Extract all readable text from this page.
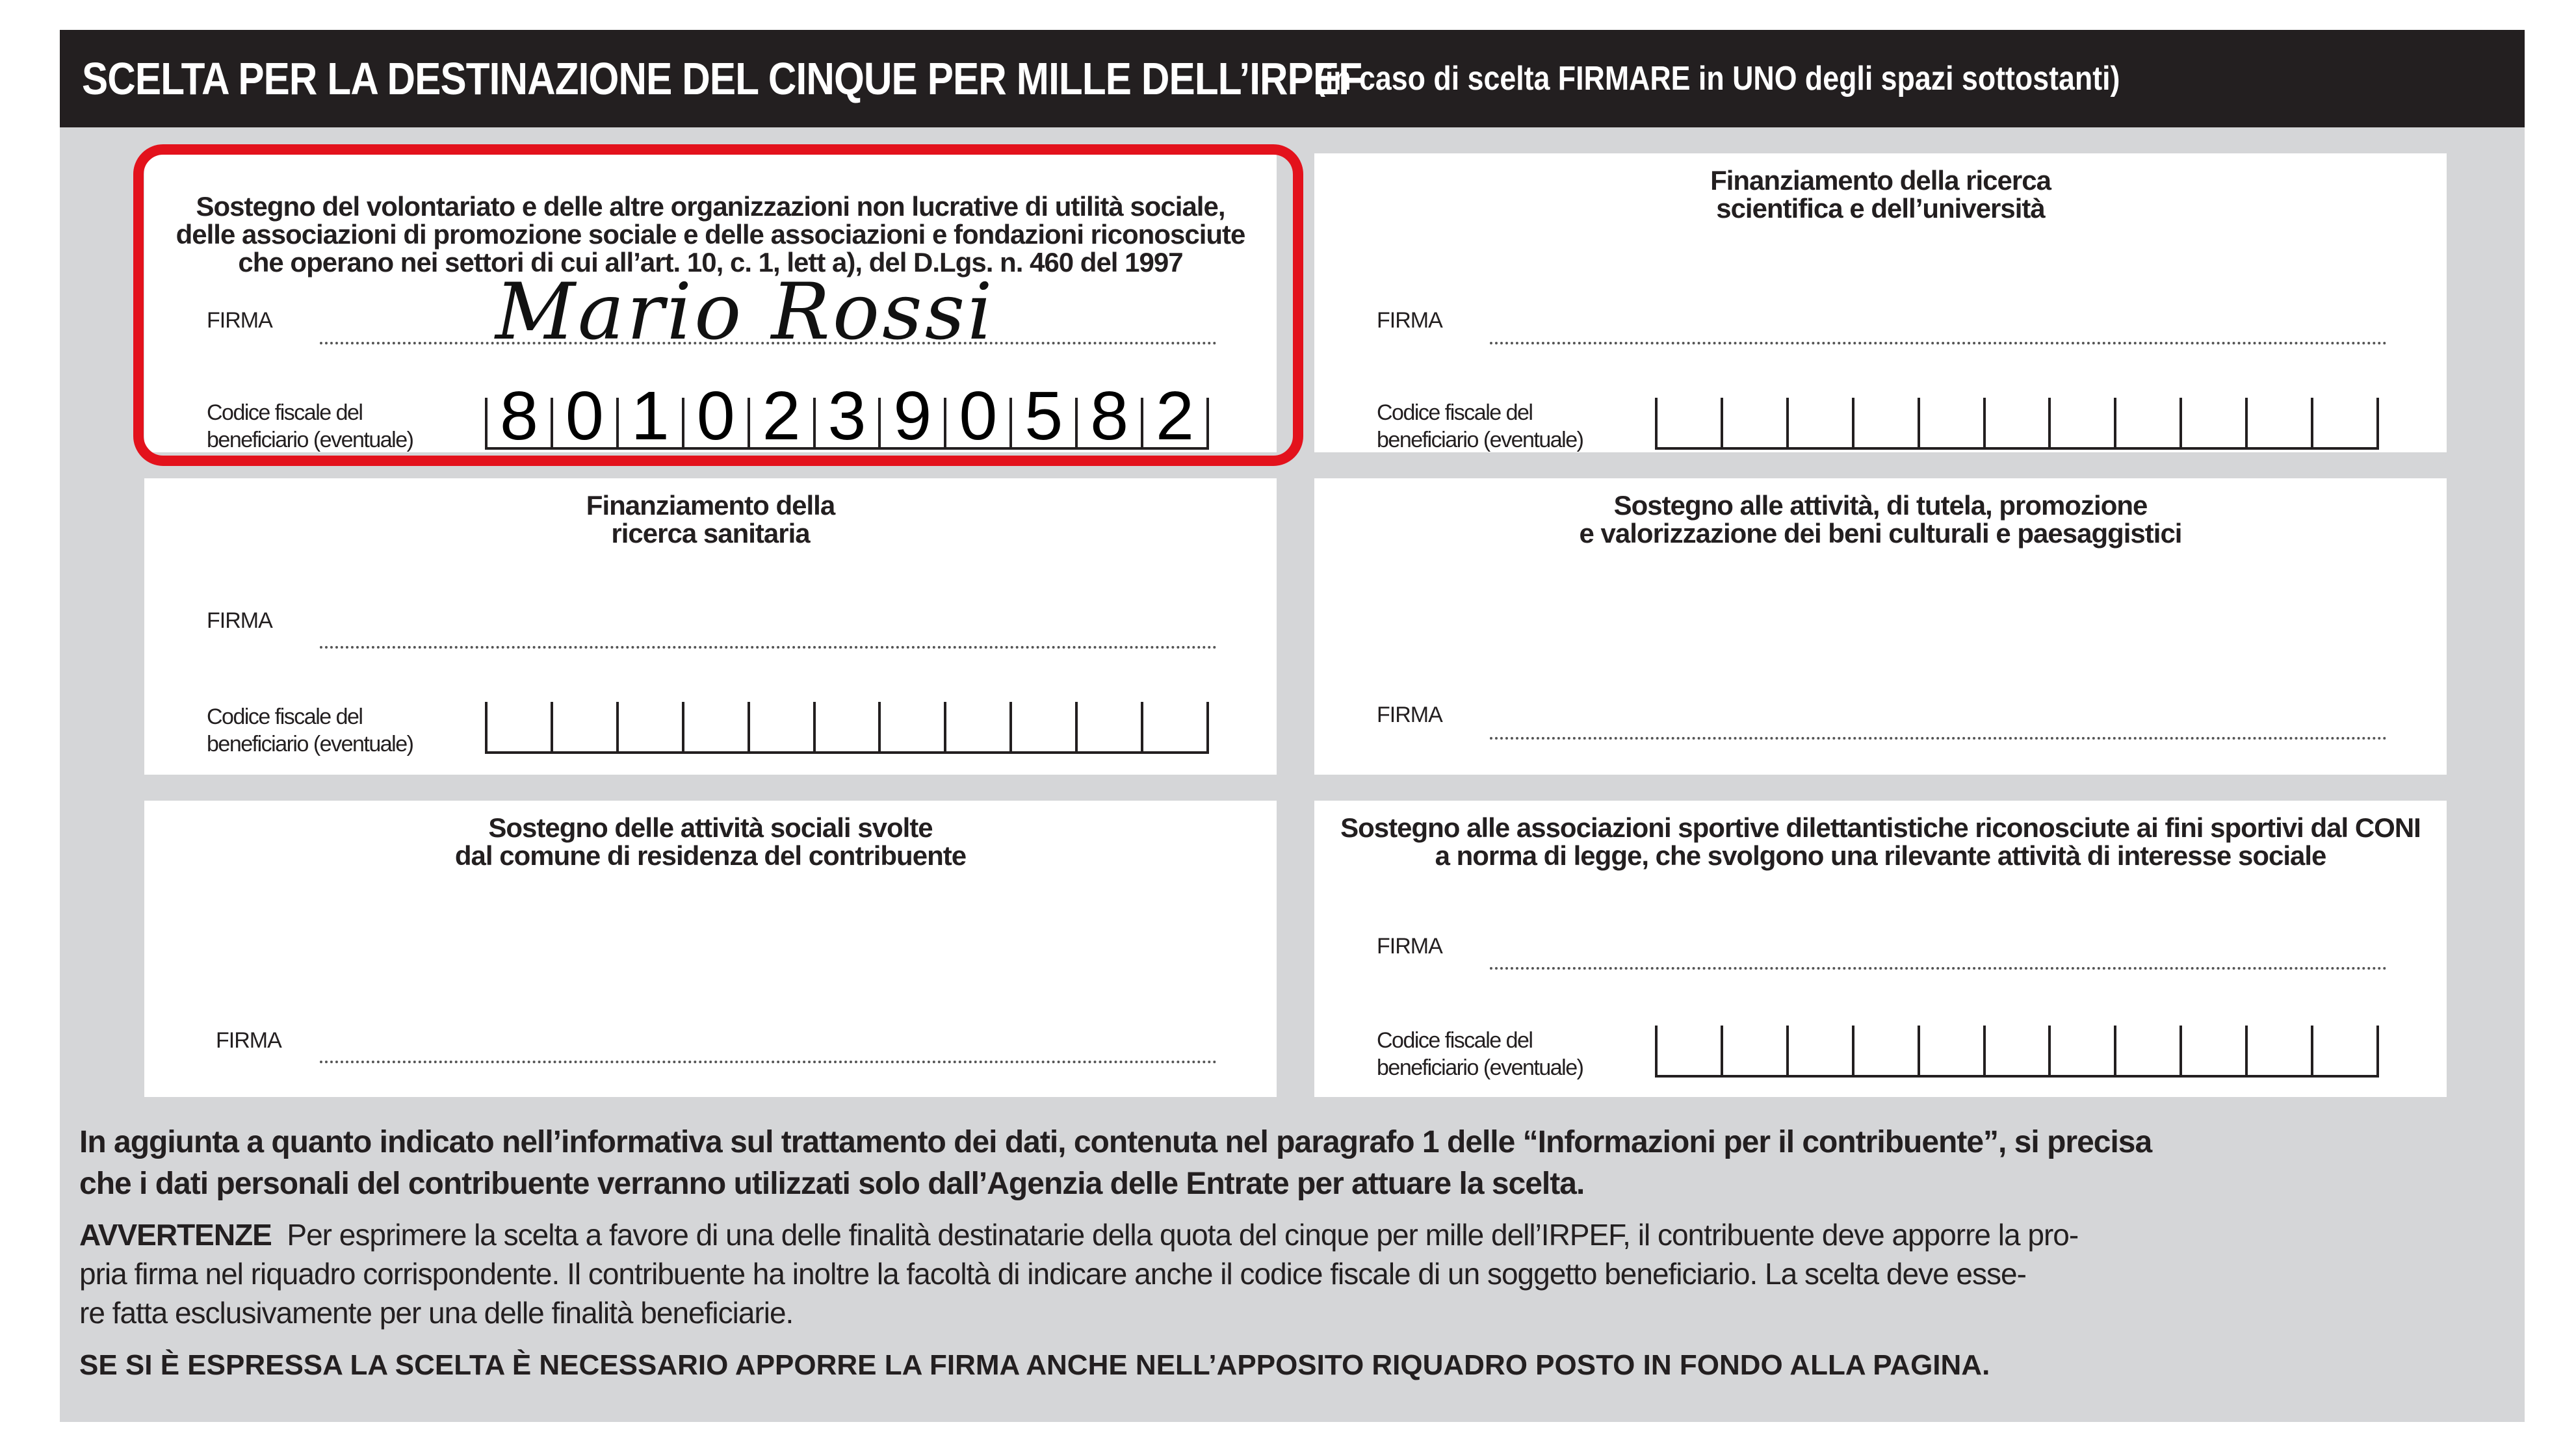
SCELTA PER LA DESTINAZIONE DEL CINQUE PER MILLE DELL’IRPEF
(in caso di scelta FIRMARE in UNO degli spazi sottostanti)
Sostegno del volontariato e delle altre organizzazioni non lucrative di utilità sociale,
delle associazioni di promozione sociale e delle associazioni e fondazioni riconosciute
che operano nei settori di cui all’art. 10, c. 1, lett a), del D.Lgs. n. 460 del 1997
FIRMA	Mario Rossi
Codice fiscale del
beneficiario (eventuale) 8 0 1 0 2 3 9 0 5 8 2
Finanziamento della ricerca
scientifica e dell’università
FIRMA
Codice fiscale del
beneficiario (eventuale)
Finanziamento della
ricerca sanitaria
FIRMA
Codice fiscale del
beneficiario (eventuale)
Sostegno alle attività, di tutela, promozione
e valorizzazione dei beni culturali e paesaggistici
FIRMA
Sostegno delle attività sociali svolte
dal comune di residenza del contribuente
FIRMA
Sostegno alle associazioni sportive dilettantistiche riconosciute ai fini sportivi dal CONI
a norma di legge, che svolgono una rilevante attività di interesse sociale
FIRMA
Codice fiscale del
beneficiario (eventuale)
In aggiunta a quanto indicato nell’informativa sul trattamento dei dati, contenuta nel paragrafo 1 delle “Informazioni per il contribuente”, si precisa
che i dati personali del contribuente verranno utilizzati solo dall’Agenzia delle Entrate per attuare la scelta.
AVVERTENZE Per esprimere la scelta a favore di una delle finalità destinatarie della quota del cinque per mille dell’IRPEF, il contribuente deve apporre la pro-
pria firma nel riquadro corrispondente. Il contribuente ha inoltre la facoltà di indicare anche il codice fiscale di un soggetto beneficiario. La scelta deve esse-
re fatta esclusivamente per una delle finalità beneficiarie.
SE SI È ESPRESSA LA SCELTA È NECESSARIO APPORRE LA FIRMA ANCHE NELL’APPOSITO RIQUADRO POSTO IN FONDO ALLA PAGINA.
